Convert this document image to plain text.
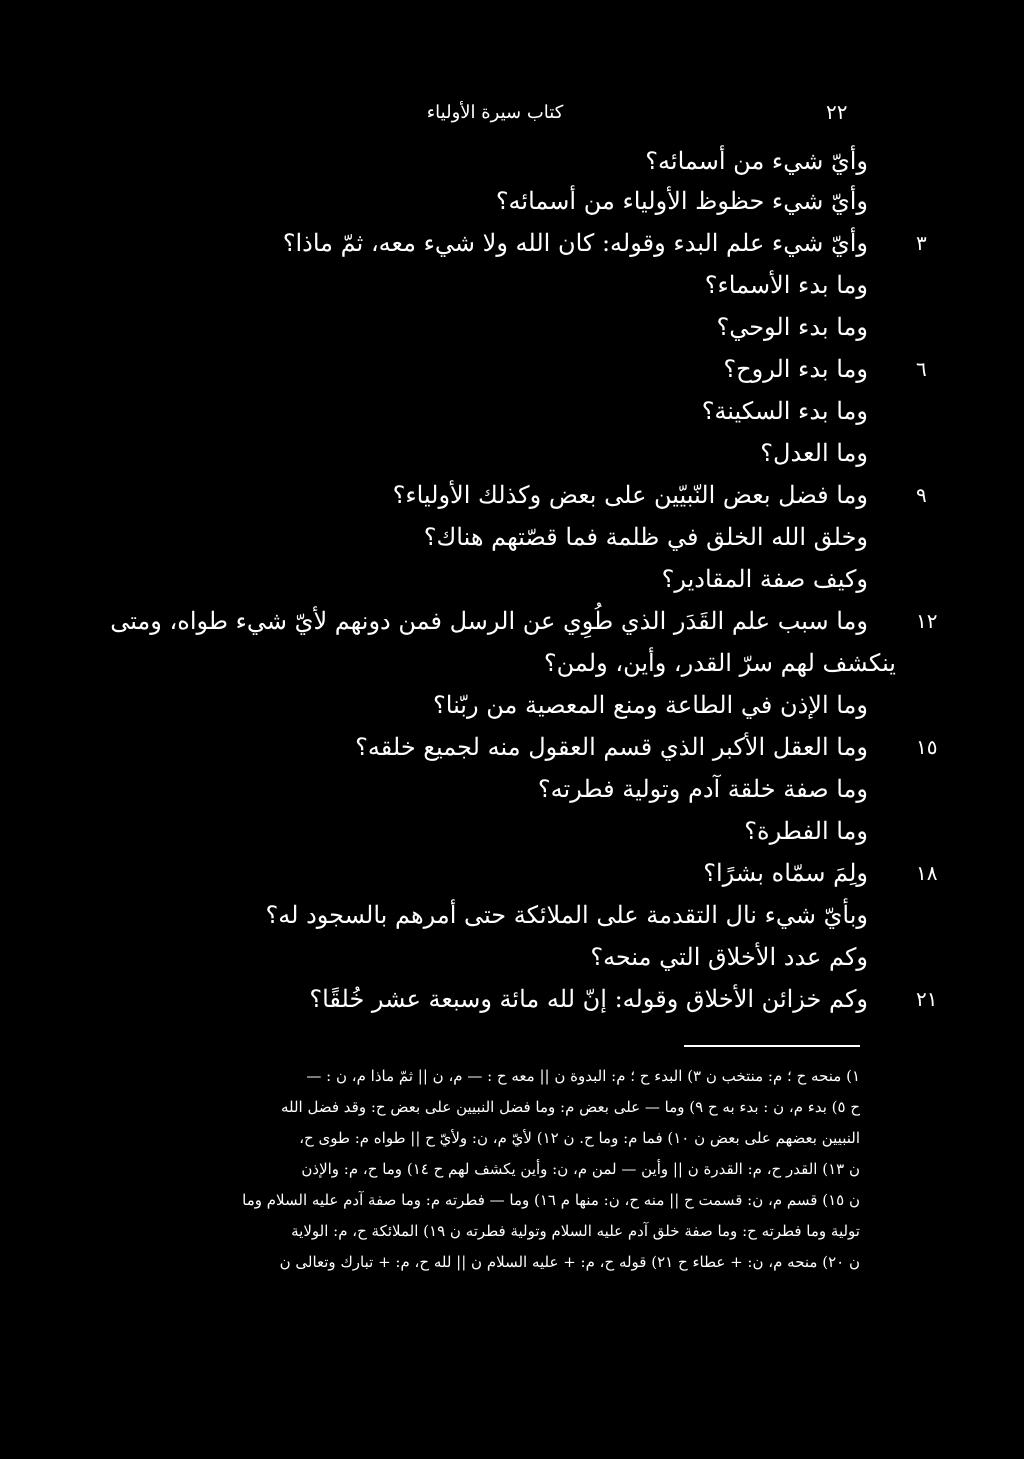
٢٢
كتاب سيرة الأولياء
وأيّ شيء من أسمائه؟
وأيّ شيء حظوظ الأولياء من أسمائه؟
وأيّ شيء علم البدء وقوله: كان الله ولا شيء معه، ثمّ ماذا؟ ٣
وما بدء الأسماء؟
وما بدء الوحي؟
وما بدء الروح؟ ٦
وما بدء السكينة؟
وما العدل؟
وما فضل بعض النّبيّين على بعض وكذلك الأولياء؟ ٩
وخلق الله الخلق في ظلمة فما قصّتهم هناك؟
وكيف صفة المقادير؟
وما سبب علم القَدَر الذي طُوِي عن الرسل فمن دونهم لأيّ شيء طواه، ومتى ١٢
ينكشف لهم سرّ القدر، وأين، ولمن؟
وما الإذن في الطاعة ومنع المعصية من ربّنا؟
وما العقل الأكبر الذي قسم العقول منه لجميع خلقه؟ ١٥
وما صفة خلقة آدم وتولية فطرته؟
وما الفطرة؟
ولِمَ سمّاه بشرًا؟ ١٨
وبأيّ شيء نال التقدمة على الملائكة حتى أمرهم بالسجود له؟
وكم عدد الأخلاق التي منحه؟
وكم خزائن الأخلاق وقوله: إنّ لله مائة وسبعة عشر خُلقًا؟ ٢١
١) منحه ح ؛ م: منتخب ن ٣) البدء ح ؛ م: البدوة ن || معه ح : — م، ن || ثمّ ماذا م، ن : —
ح ٥) بدء م، ن : بدء به ح ٩) وما — على بعض م: وما فضل النبيين على بعض ح: وقد فضل الله
النبيين بعضهم على بعض ن ١٠) فما م: وما ح. ن ١٢) لأيّ م، ن: ولأيّ ح || طواه م: طوى ح،
ن ١٣) القدر ح، م: القدرة ن || وأين — لمن م، ن: وأين يكشف لهم ح ١٤) وما ح، م: والإذن
ن ١٥) قسم م، ن: قسمت ح || منه ح، ن: منها م ١٦) وما — فطرته م: وما صفة آدم عليه السلام وما
تولية وما فطرته ح: وما صفة خلق آدم عليه السلام وتولية فطرته ن ١٩) الملائكة ح، م: الولاية
ن ٢٠) منحه م، ن: + عطاء ح ٢١) قوله ح، م: + عليه السلام ن || لله ح، م: + تبارك وتعالى ن
